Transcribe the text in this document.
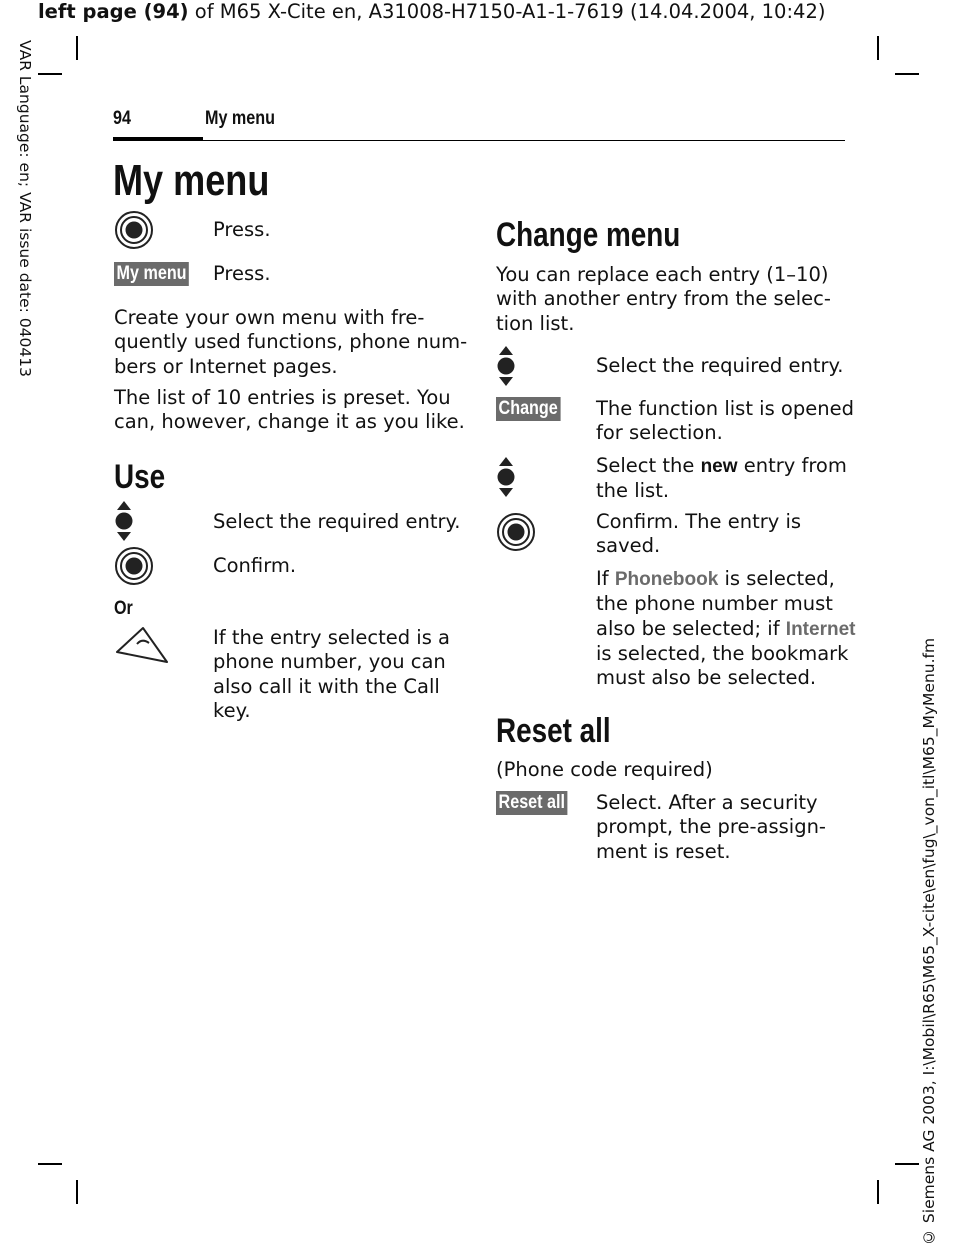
left page (94) of M65 X-Cite en, A31008-H7150-A1-1-7619 (14.04.2004, 10:42)
VAR Language: en; VAR issue date: 040413
© Siemens AG 2003, I:\Mobil\R65\M65_X-cite\en\fug\_von_itl\M65_MyMenu.fm
94	My menu
My menu
Press.
My menu Press.
Create your own menu with fre-
quently used functions, phone num-
bers or Internet pages.
The list of 10 entries is preset. You
can, however, change it as you like.
Use
Select the required entry.
Confirm.
Or
If the entry selected is a
phone number, you can
also call it with the Call
key.
Change menu
You can replace each entry (1–10)
with another entry from the selec-
tion list.
Select the required entry.
Change The function list is opened
for selection.
Select the new entry from
the list.
Confirm. The entry is
saved.
If Phonebook is selected,
the phone number must
also be selected; if Internet
is selected, the bookmark
must also be selected.
Reset all
(Phone code required)
Reset all Select. After a security
prompt, the pre-assign-
ment is reset.
